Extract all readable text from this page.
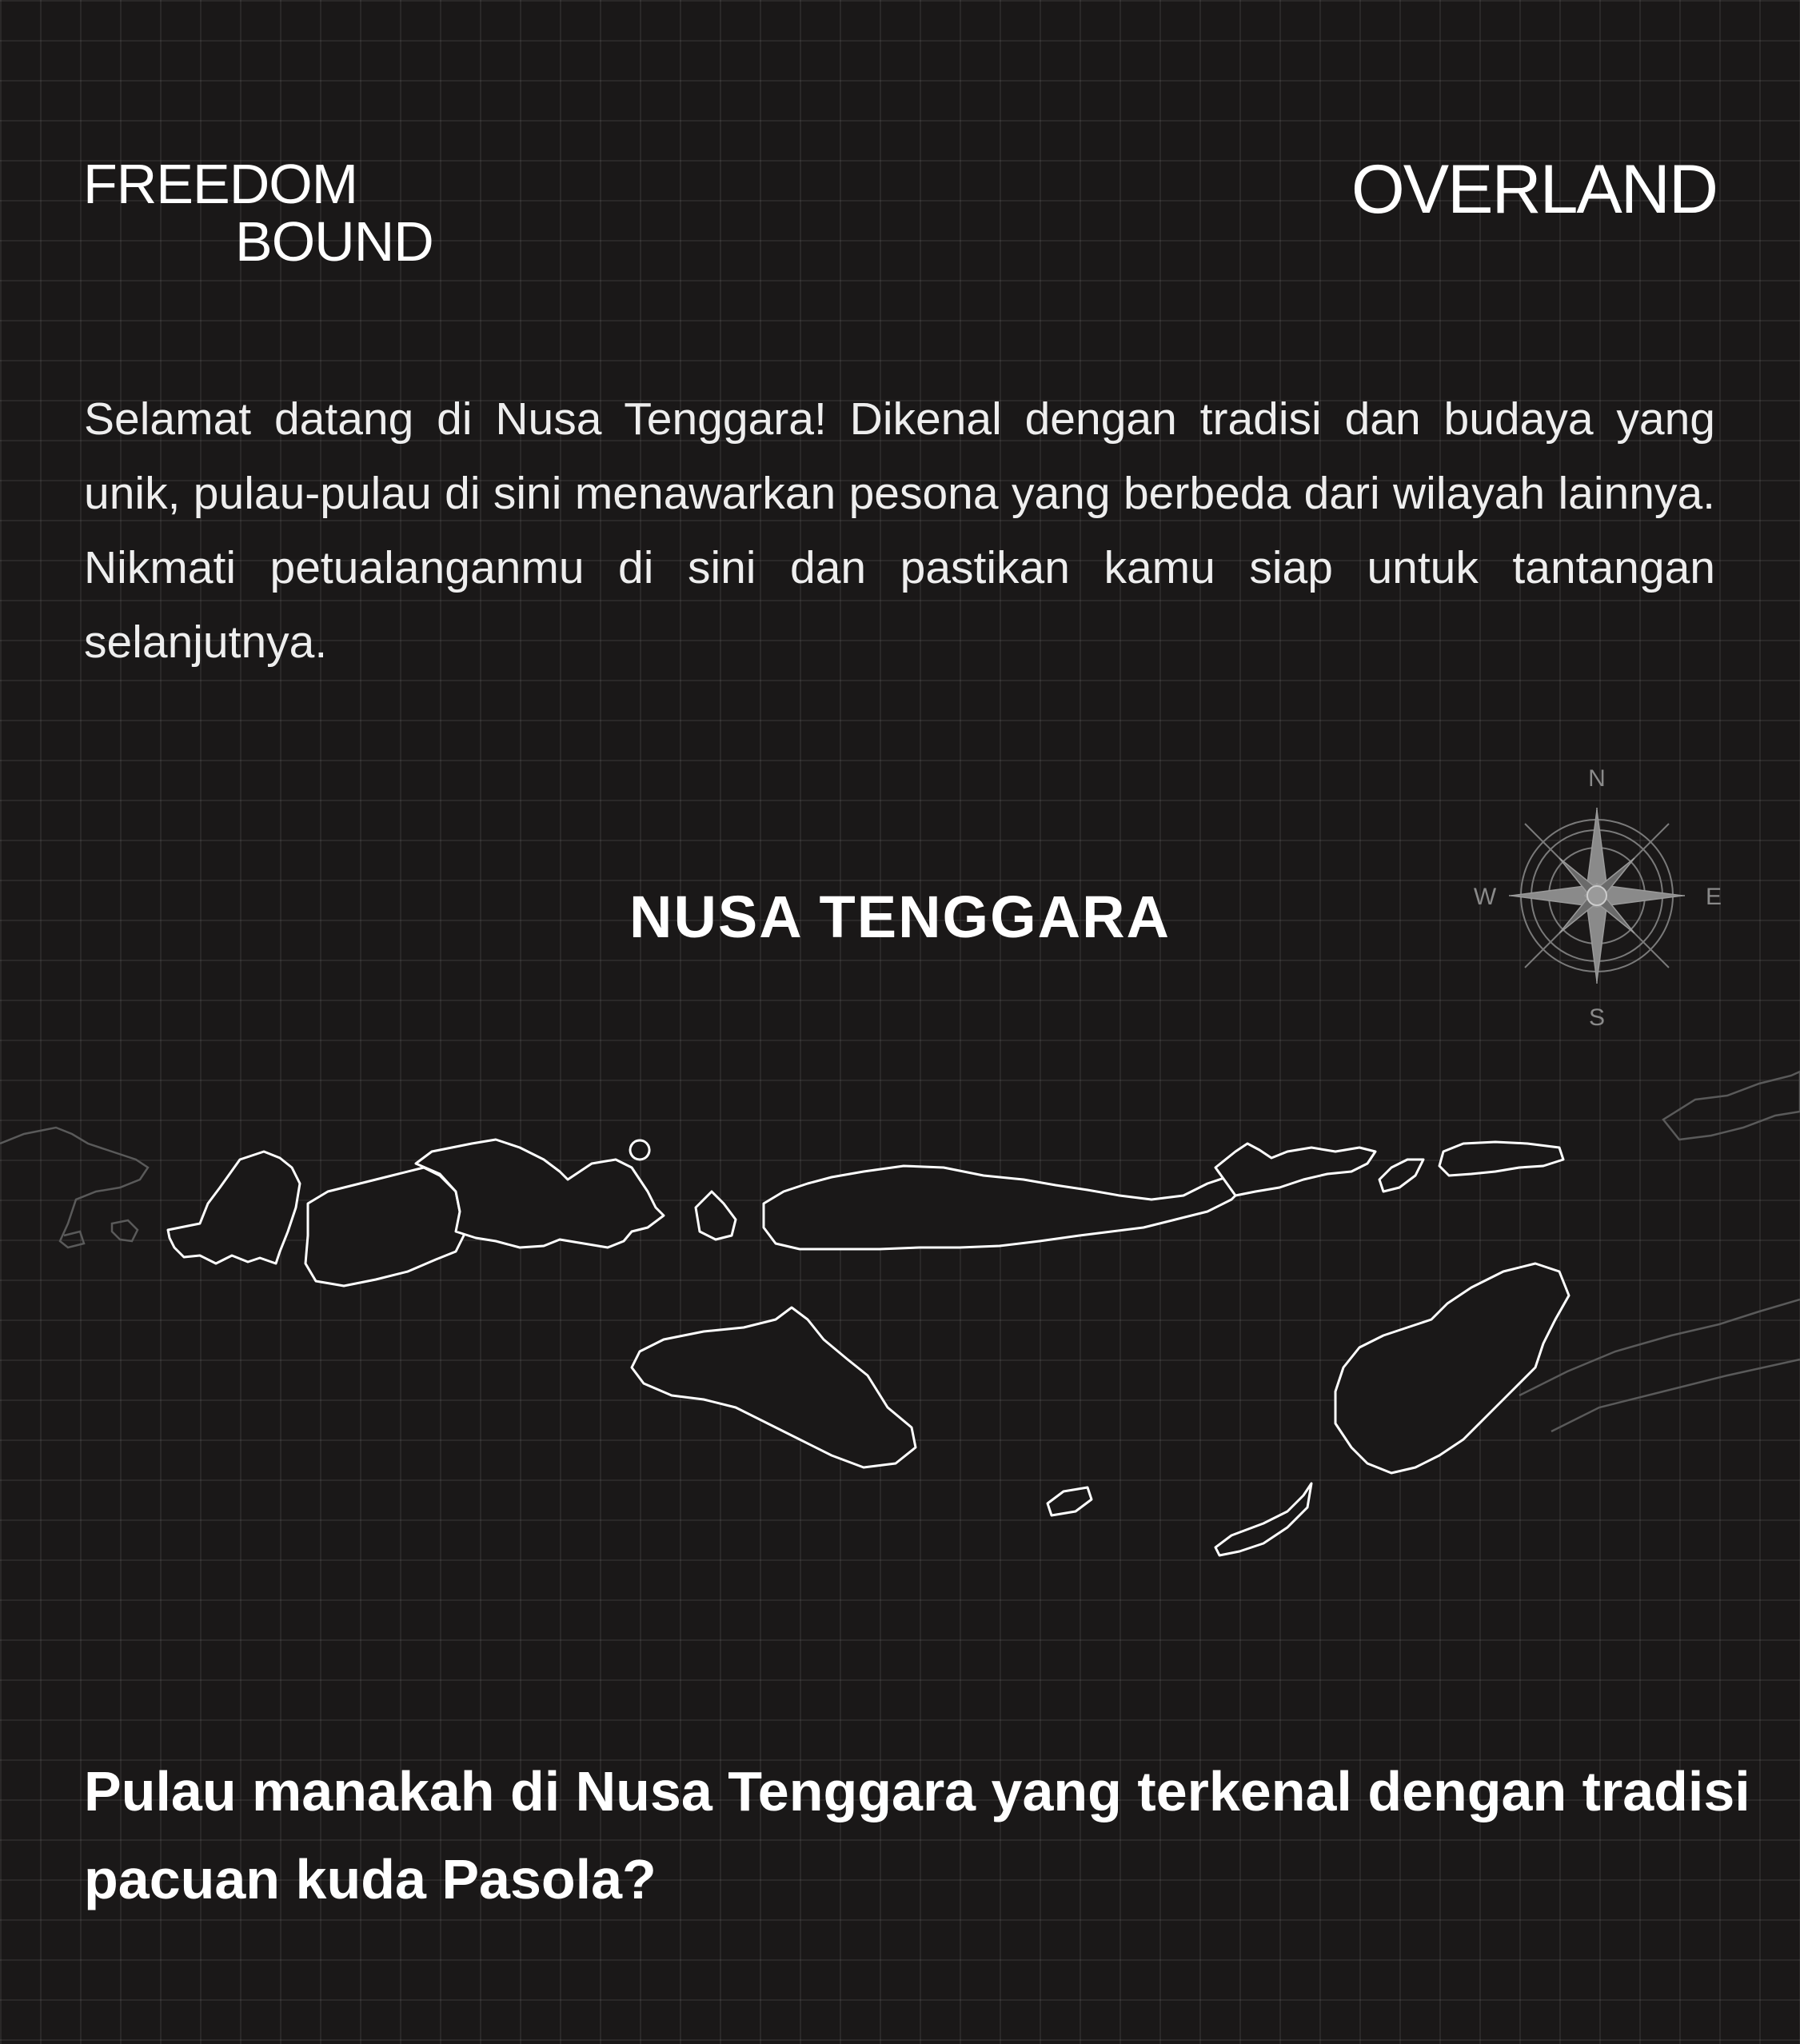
FREEDOM
BOUND
OVERLAND

Selamat datang di Nusa Tenggara! Dikenal dengan tradisi dan budaya yang unik, pulau-pulau di sini menawarkan pesona yang berbeda dari wilayah lainnya. Nikmati petualanganmu di sini dan pastikan kamu siap untuk tantangan selanjutnya.

NUSA TENGGARA
N
S
E
W

Pulau manakah di Nusa Tenggara yang terkenal dengan tradisi pacuan kuda Pasola?
